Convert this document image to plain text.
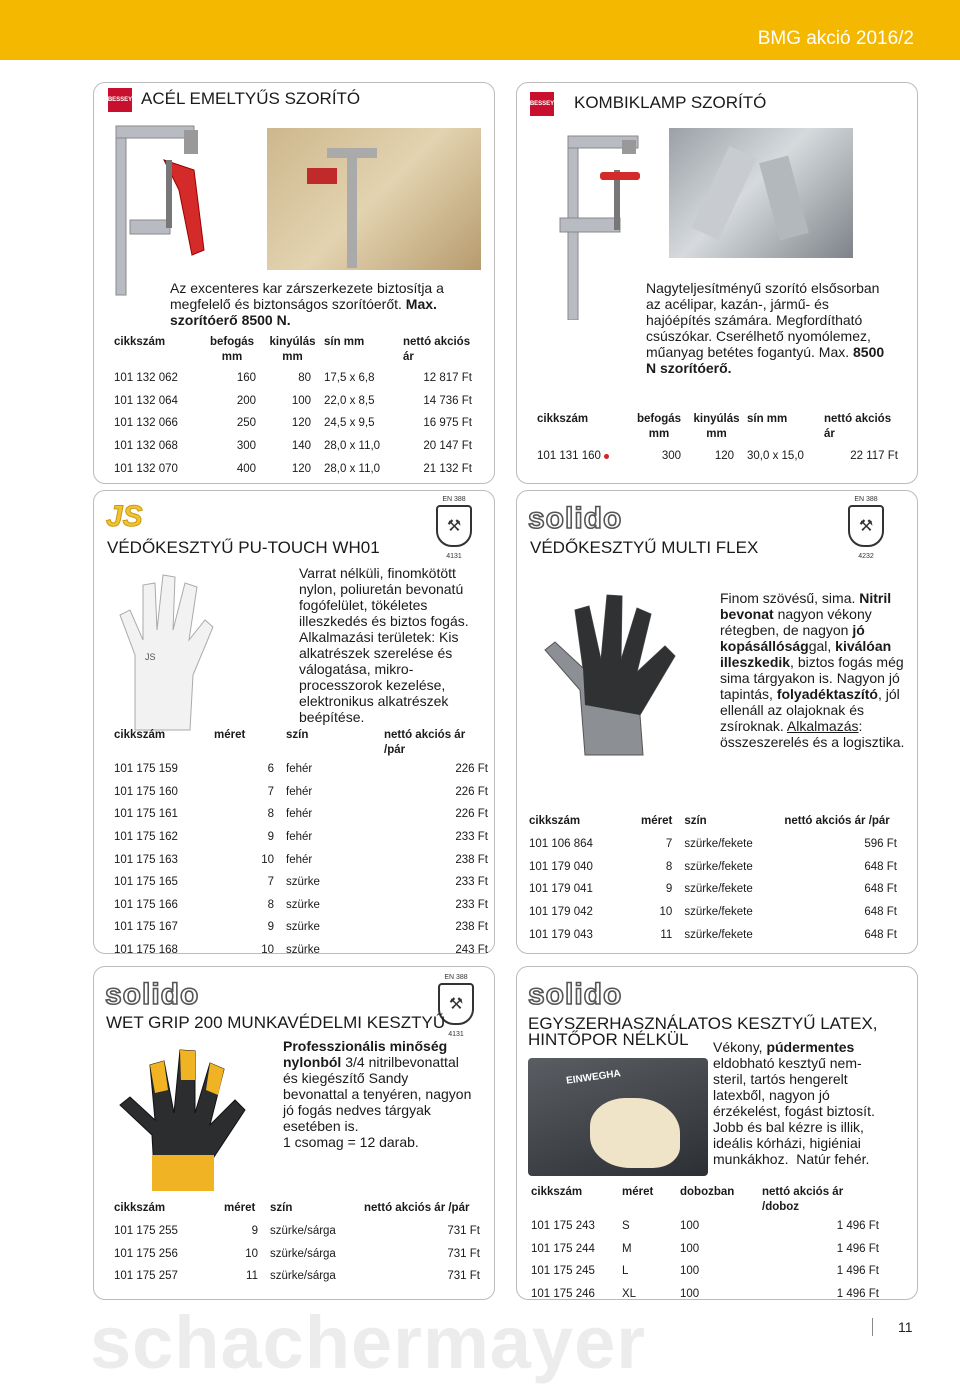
BMG akció 2016/2
BESSEY ACÉL EMELTYŰS SZORÍTÓ
Az excenteres kar zárszerkezete biztosítja a megfelelő és biztonságos szorítóerőt. Max. szorítóerő 8500 N.
cikkszám	befogás mm	kinyúlás mm	sín mm	nettó akciós ár
101 132 062	160	80	17,5 x 6,8	12 817 Ft
101 132 064	200	100	22,0 x 8,5	14 736 Ft
101 132 066	250	120	24,5 x 9,5	16 975 Ft
101 132 068	300	140	28,0 x 11,0	20 147 Ft
101 132 070	400	120	28,0 x 11,0	21 132 Ft
BESSEY KOMBIKLAMP SZORÍTÓ
Nagyteljesítményű szorító elsősorban az acélipar, kazán-, jármű- és hajóépítés számára. Megfordítható csúszókar. Cserélhető nyomólemez, műanyag betétes fogantyú. Max. 8500 N szorítóerő.
cikkszám	befogás mm	kinyúlás mm	sín mm	nettó akciós ár
101 131 160	300	120	30,0 x 15,0	22 117 Ft
JS
EN 388
⚒
4131
VÉDŐKESZTYŰ PU-TOUCH WH01
JS
Varrat nélküli, finomkötött nylon, poliuretán bevonatú fogófelület, tökéletes illeszkedés és biztos fogás. Alkalmazási területek: Kis alkatrészek szerelése és válogatása, mikro-processzorok kezelése, elektronikus alkatrészek beépítése.
cikkszám	méret	szín	nettó akciós ár /pár
101 175 159	6	fehér	226 Ft
101 175 160	7	fehér	226 Ft
101 175 161	8	fehér	226 Ft
101 175 162	9	fehér	233 Ft
101 175 163	10	fehér	238 Ft
101 175 165	7	szürke	233 Ft
101 175 166	8	szürke	233 Ft
101 175 167	9	szürke	238 Ft
101 175 168	10	szürke	243 Ft
solido
EN 388
⚒
4232
VÉDŐKESZTYŰ MULTI FLEX
Finom szövésű, sima. Nitril bevonat nagyon vékony rétegben, de nagyon jó kopásállósággal, kiválóan illeszkedik, biztos fogás még sima tárgyakon is. Nagyon jó tapintás, folyadéktaszító, jól ellenáll az olajoknak és zsíroknak. Alkalmazás: összeszerelés és a logisztika.
cikkszám	méret	szín	nettó akciós ár /pár
101 106 864	7	szürke/fekete	596 Ft
101 179 040	8	szürke/fekete	648 Ft
101 179 041	9	szürke/fekete	648 Ft
101 179 042	10	szürke/fekete	648 Ft
101 179 043	11	szürke/fekete	648 Ft
solido
EN 388
⚒
4131
WET GRIP 200 MUNKAVÉDELMI KESZTYŰ
Professzionális minőség nylonból 3/4 nitrilbevonattal és kiegészítő Sandy bevonattal a tenyéren, nagyon jó fogás nedves tárgyak esetében is.
1 csomag = 12 darab.
cikkszám	méret	szín	nettó akciós ár /pár
101 175 255	9	szürke/sárga	731 Ft
101 175 256	10	szürke/sárga	731 Ft
101 175 257	11	szürke/sárga	731 Ft
solido
EGYSZERHASZNÁLATOS KESZTYŰ LATEX,
HINTŐPOR NÉLKÜL
EINWEGHA
Vékony, púdermentes eldobható kesztyű nem-steril, tartós hengerelt latexből, nagyon jó érzékelést, fogást biztosít. Jobb és bal kézre is illik, ideális kórházi, higiéniai munkákhoz.  Natúr fehér.
cikkszám	méret	dobozban	nettó akciós ár /doboz
101 175 243	S	100	1 496 Ft
101 175 244	M	100	1 496 Ft
101 175 245	L	100	1 496 Ft
101 175 246	XL	100	1 496 Ft
schachermayer	11
